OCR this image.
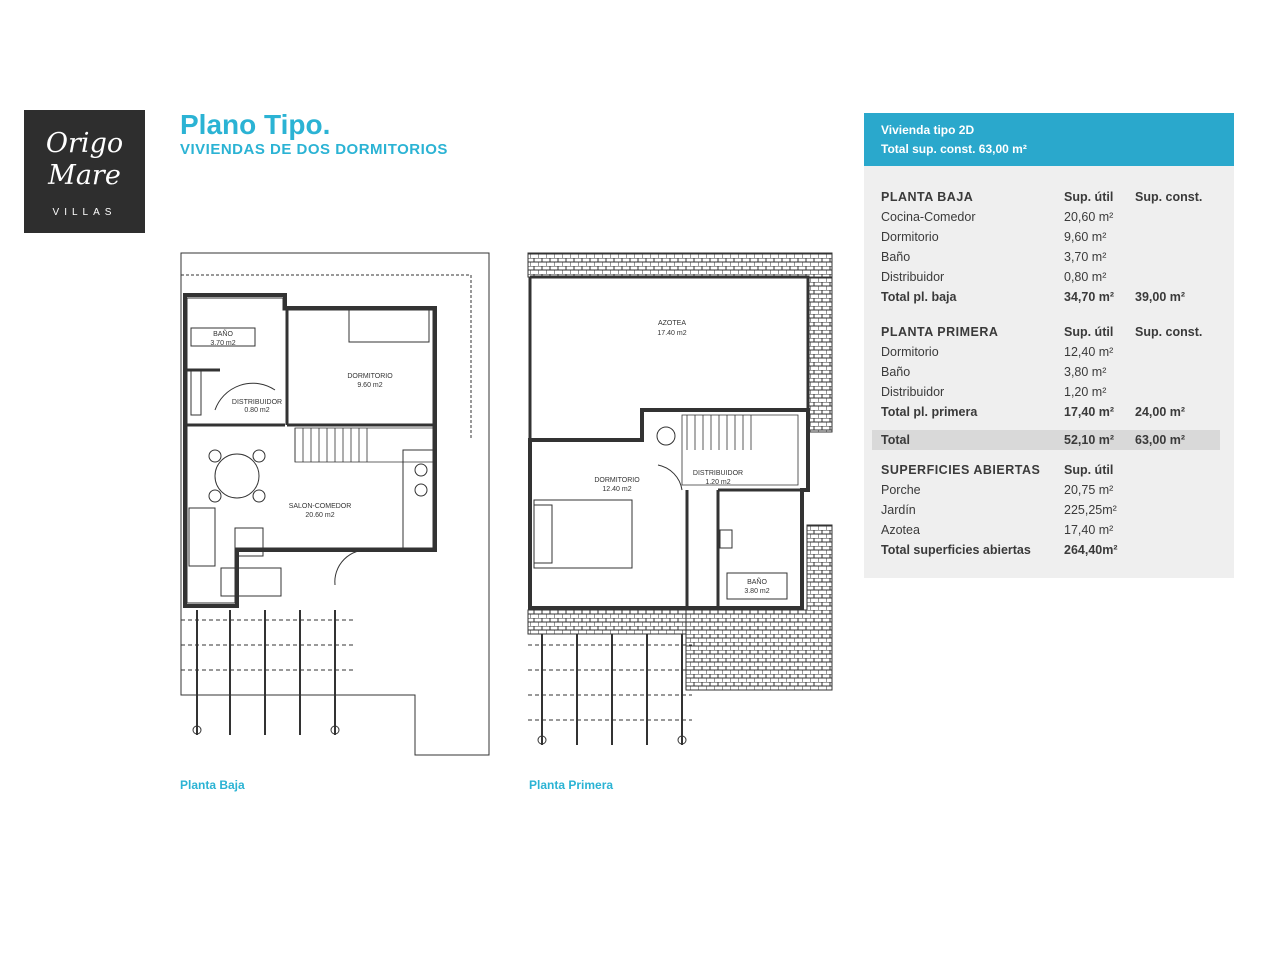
Origo
Mare
VILLAS
Plano Tipo.
VIVIENDAS DE DOS DORMITORIOS
BAÑO
3.70 m2
DORMITORIO
9.60 m2
DISTRIBUIDOR
0.80 m2
SALON-COMEDOR
20.60 m2
Planta Baja
AZOTEA
17.40 m2
DORMITORIO
12.40 m2
DISTRIBUIDOR
1.20 m2
BAÑO
3.80 m2
Planta Primera
Vivienda tipo 2D
Total sup. const. 63,00 m²
PLANTA BAJA	Sup. útil Sup. const.
Cocina-Comedor	20,60 m²
Dormitorio	9,60 m²
Baño	3,70 m²
Distribuidor	0,80 m²
Total pl. baja	34,70 m² 39,00 m²
PLANTA PRIMERA	Sup. útil Sup. const.
Dormitorio	12,40 m²
Baño	3,80 m²
Distribuidor	1,20 m²
Total pl. primera	17,40 m² 24,00 m²
Total	52,10 m² 63,00 m²
SUPERFICIES ABIERTAS Sup. útil
Porche	20,75 m²
Jardín	225,25m²
Azotea	17,40 m²
Total superficies abiertas	264,40m²
